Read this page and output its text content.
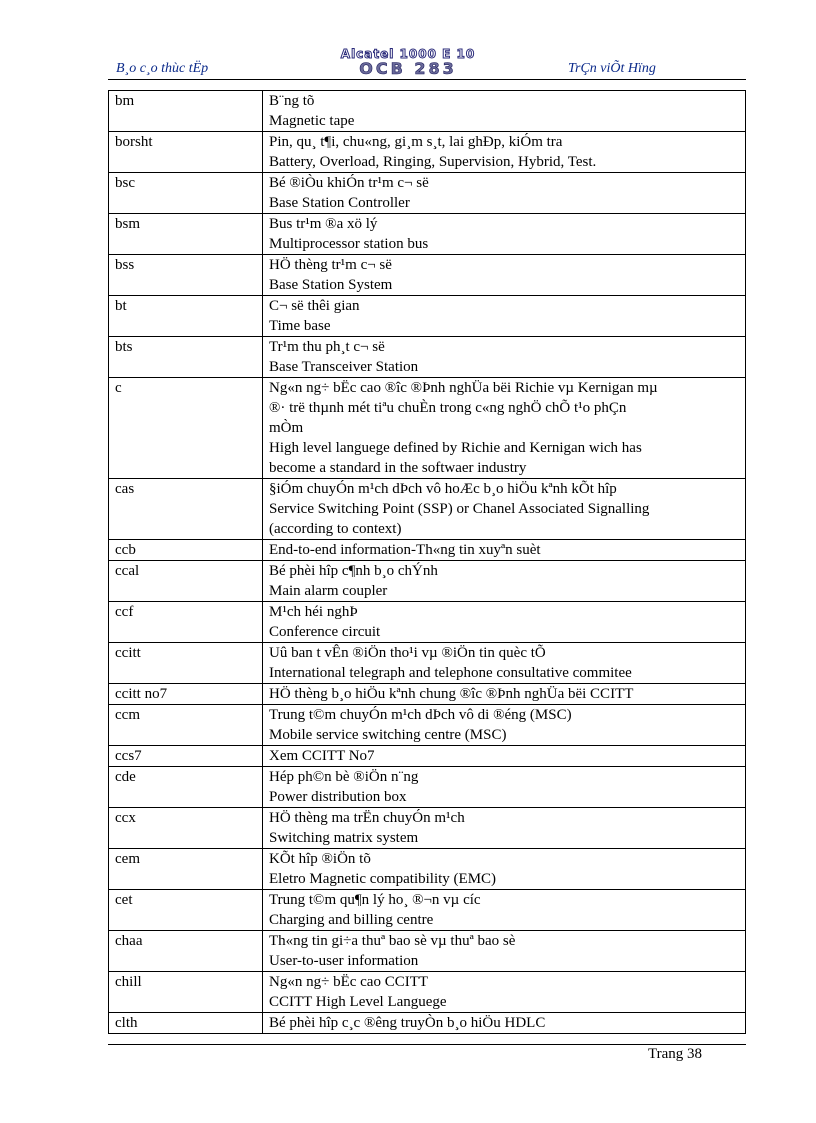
B¸o c¸o thùc tËp
Alcatel 1000 E 10
OCB 283	TrÇn viÕt Hïng
bm	B¨ng tõ
Magnetic tape

borsht	Pin, qu¸ t¶i, chu«ng, gi¸m s¸t, lai ghÐp, kiÓm tra
Battery, Overload, Ringing, Supervision, Hybrid, Test.

bsc	Bé ®iÒu khiÓn tr¹m c¬ së
Base Station Controller

bsm	Bus tr¹m ®a xö lý
Multiprocessor station bus

bss	HÖ thèng tr¹m c¬ së
Base Station System

bt	C¬ së thêi gian
Time base

bts	Tr¹m thu ph¸t c¬ së
Base Transceiver Station

c	Ng«n ng÷ bËc cao ®îc ®Þnh nghÜa bëi Richie vµ Kernigan mµ
®· trë thµnh mét tiªu chuÈn trong c«ng nghÖ chÕ t¹o phÇn
mÒm
High level languege defined by Richie and Kernigan wich has
become a standard in the softwaer industry

cas	§iÓm chuyÓn m¹ch dÞch vô hoÆc b¸o hiÖu kªnh kÕt hîp
Service Switching Point (SSP) or Chanel Associated Signalling
(according to context)

ccb	End-to-end information-Th«ng tin xuyªn suèt

ccal	Bé phèi hîp c¶nh b¸o chÝnh
Main alarm coupler

ccf	M¹ch héi nghÞ
Conference circuit

ccitt	Uû ban t vÊn ®iÖn tho¹i vµ ®iÖn tin quèc tÕ
International telegraph and telephone consultative commitee

ccitt no7	HÖ thèng b¸o hiÖu kªnh chung ®îc ®Þnh nghÜa bëi CCITT

ccm	Trung t©m chuyÓn m¹ch dÞch vô di ®éng (MSC)
Mobile service switching centre (MSC)

ccs7	Xem CCITT No7

cde	Hép ph©n bè ®iÖn n¨ng
Power distribution box

ccx	HÖ thèng ma trËn chuyÓn m¹ch
Switching matrix system

cem	KÕt hîp ®iÖn tõ
Eletro Magnetic compatibility (EMC)

cet	Trung t©m qu¶n lý ho¸ ®¬n vµ cíc
Charging and billing centre

chaa	Th«ng tin gi÷a thuª bao sè vµ thuª bao sè
User-to-user information

chill	Ng«n ng÷ bËc cao CCITT
CCITT High Level Languege

clth	Bé phèi hîp c¸c ®êng truyÒn b¸o hiÖu HDLC
Trang 38
